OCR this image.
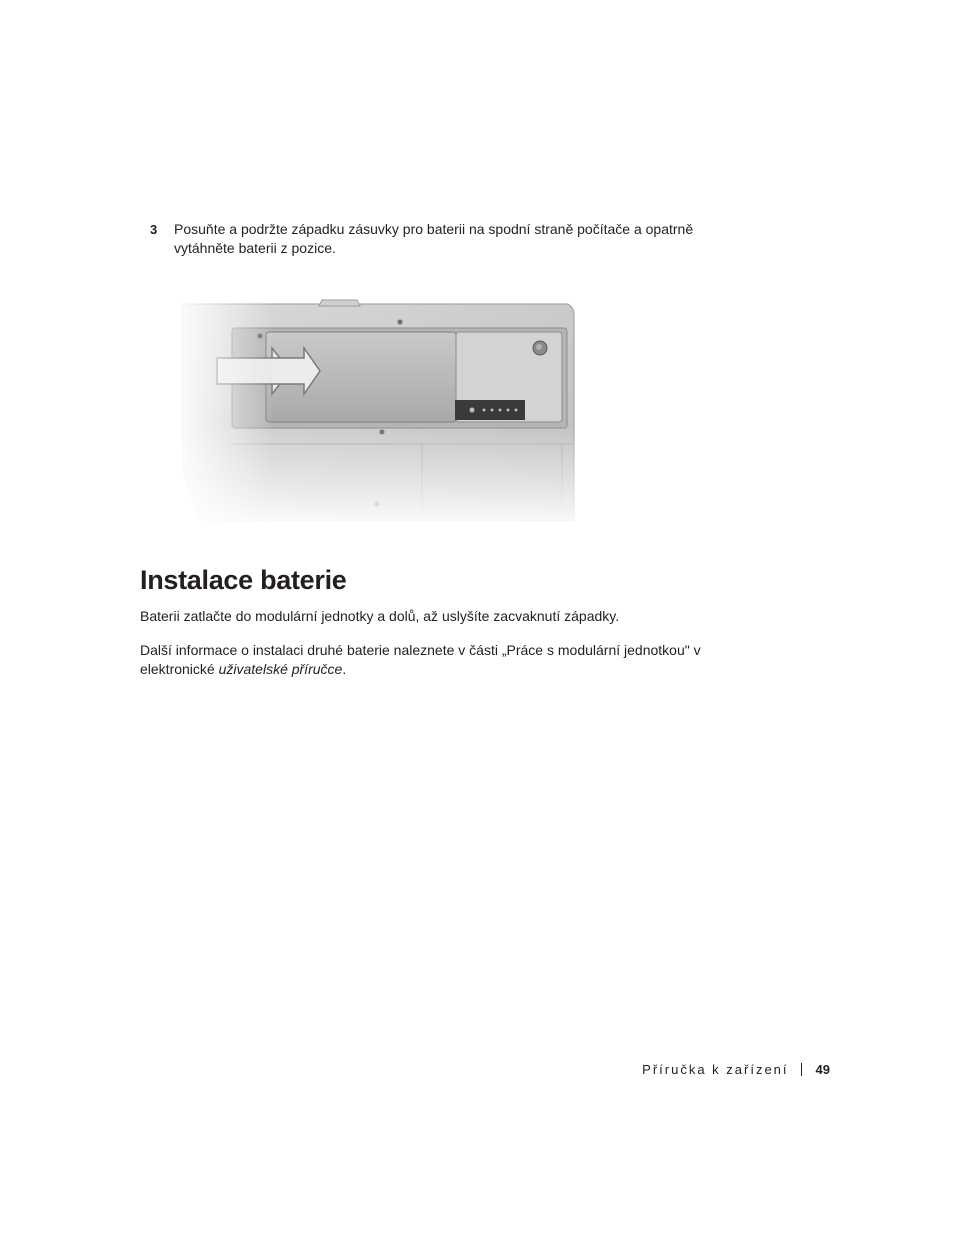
3 Posuňte a podržte západku zásuvky pro baterii na spodní straně počítače a opatrně vytáhněte baterii z pozice.
Instalace baterie

Baterii zatlačte do modulární jednotky a dolů, až uslyšíte zacvaknutí západky.

Další informace o instalaci druhé baterie naleznete v části „Práce s modulární jednotkou" v elektronické uživatelské příručce.

Příručka k zařízení 49
